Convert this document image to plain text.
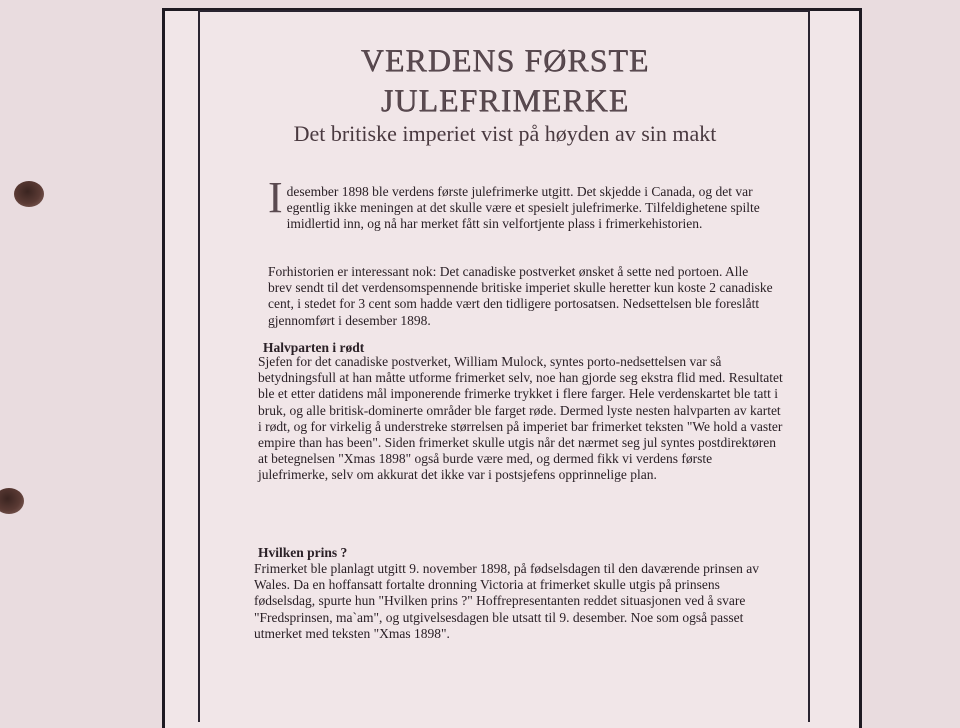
VERDENS FØRSTE
JULEFRIMERKE
Det britiske imperiet vist på høyden av sin makt

Idesember 1898 ble verdens første julefrimerke utgitt. Det skjedde i Canada, og det var egentlig ikke meningen at det skulle være et spesielt julefrimerke. Tilfeldighetene spilte imidlertid inn, og nå har merket fått sin velfortjente plass i frimerkehistorien.

Forhistorien er interessant nok: Det canadiske postverket ønsket å sette ned portoen. Alle brev sendt til det verdensomspennende britiske imperiet skulle heretter kun koste 2 canadiske cent, i stedet for 3 cent som hadde vært den tidligere portosatsen. Nedsettelsen ble foreslått gjennomført i desember 1898.

Halvparten i rødt

Sjefen for det canadiske postverket, William Mulock, syntes porto-nedsettelsen var så betydningsfull at han måtte utforme frimerket selv, noe han gjorde seg ekstra flid med. Resultatet ble et etter datidens mål imponerende frimerke trykket i flere farger. Hele verdenskartet ble tatt i bruk, og alle britisk-dominerte områder ble farget røde. Dermed lyste nesten halvparten av kartet i rødt, og for virkelig å understreke størrelsen på imperiet bar frimerket teksten "We hold a vaster empire than has been". Siden frimerket skulle utgis når det nærmet seg jul syntes postdirektøren at betegnelsen "Xmas 1898" også burde være med, og dermed fikk vi verdens første julefrimerke, selv om akkurat det ikke var i postsjefens opprinnelige plan.

Hvilken prins ?

Frimerket ble planlagt utgitt 9. november 1898, på fødselsdagen til den daværende prinsen av Wales. Da en hoffansatt fortalte dronning Victoria at frimerket skulle utgis på prinsens fødselsdag, spurte hun "Hvilken prins ?" Hoffrepresentanten reddet situasjonen ved å svare "Fredsprinsen, ma`am", og utgivelsesdagen ble utsatt til 9. desember. Noe som også passet utmerket med teksten "Xmas 1898".
